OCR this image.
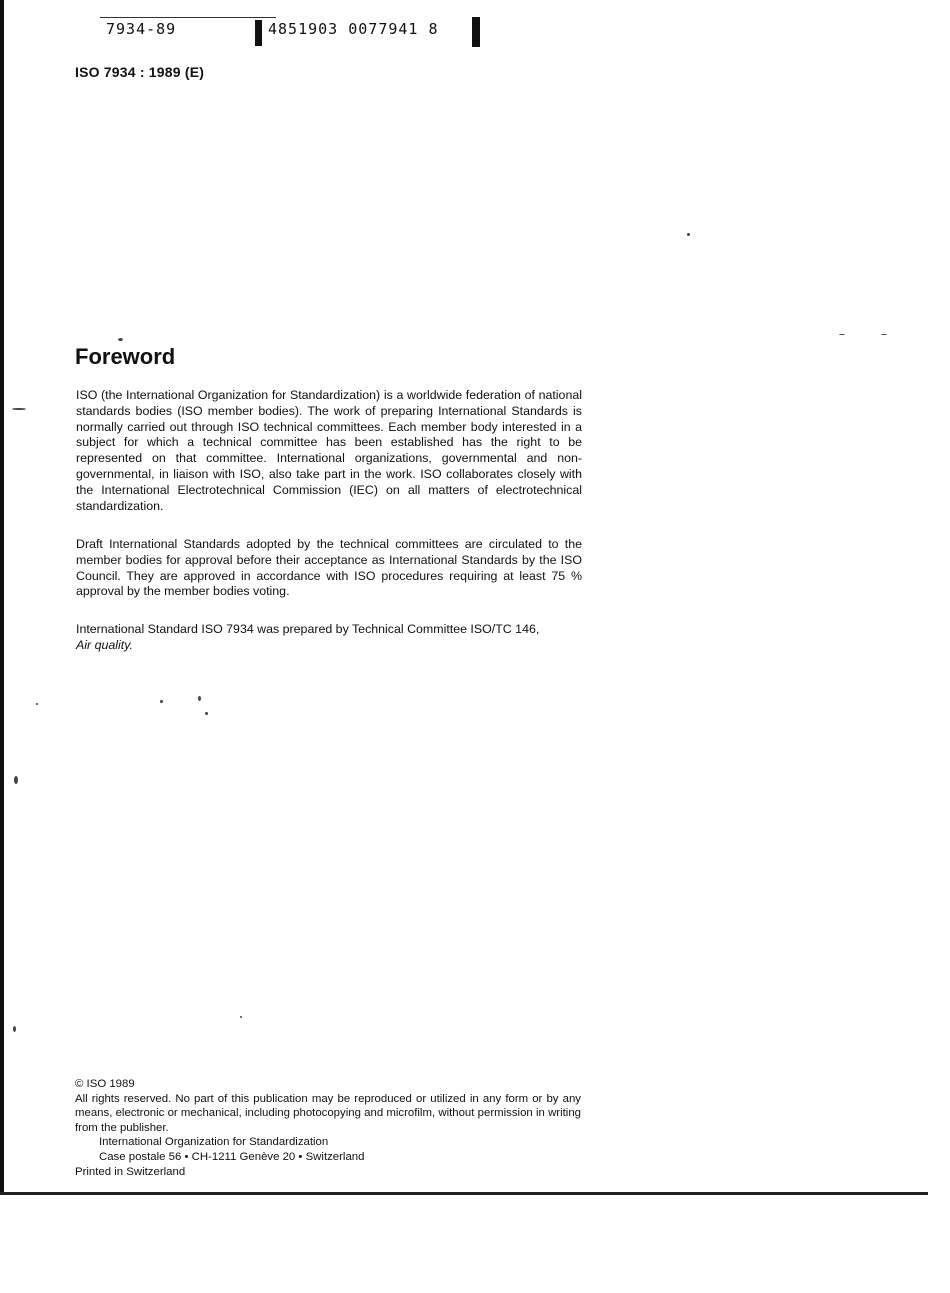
7934-89	4851903 0077941 8
ISO 7934 : 1989 (E)
Foreword
ISO (the International Organization for Standardization) is a worldwide federation of national standards bodies (ISO member bodies). The work of preparing International Standards is normally carried out through ISO technical committees. Each member body interested in a subject for which a technical committee has been established has the right to be represented on that committee. International organizations, governmental and non-governmental, in liaison with ISO, also take part in the work. ISO collaborates closely with the International Electrotechnical Commission (IEC) on all matters of electrotechnical standardization.
Draft International Standards adopted by the technical committees are circulated to the member bodies for approval before their acceptance as International Standards by the ISO Council. They are approved in accordance with ISO procedures requiring at least 75 % approval by the member bodies voting.
International Standard ISO 7934 was prepared by Technical Committee ISO/TC 146,
Air quality.
© ISO 1989
All rights reserved. No part of this publication may be reproduced or utilized in any form or by any means, electronic or mechanical, including photocopying and microfilm, without permission in writing from the publisher.
International Organization for Standardization
Case postale 56 • CH-1211 Genève 20 • Switzerland
Printed in Switzerland
